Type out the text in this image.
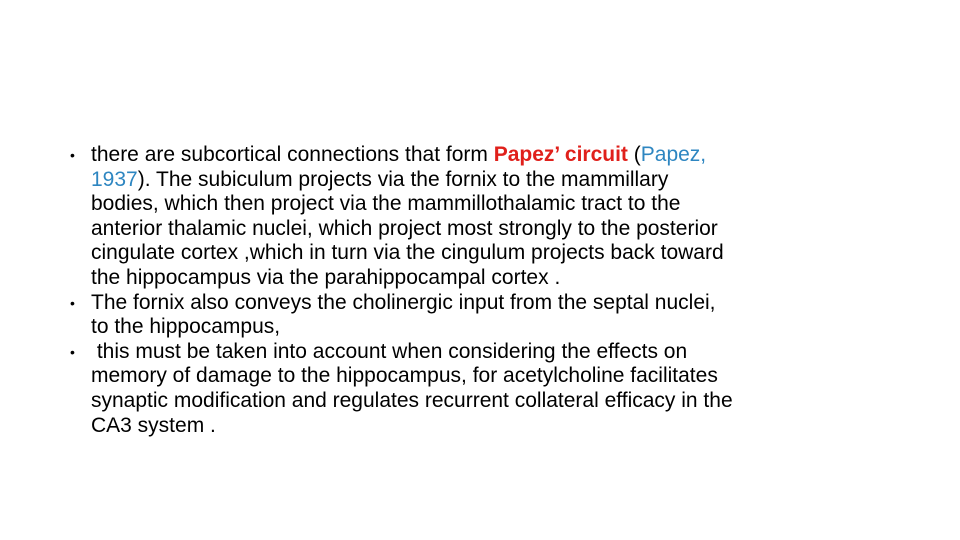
• there are subcortical connections that form Papez’ circuit (Papez,
1937). The subiculum projects via the fornix to the mammillary
bodies, which then project via the mammillothalamic tract to the
anterior thalamic nuclei, which project most strongly to the posterior
cingulate cortex ,which in turn via the cingulum projects back toward
the hippocampus via the parahippocampal cortex .
• The fornix also conveys the cholinergic input from the septal nuclei,
to the hippocampus,
• this must be taken into account when considering the effects on
memory of damage to the hippocampus, for acetylcholine facilitates
synaptic modification and regulates recurrent collateral efficacy in the
CA3 system .
